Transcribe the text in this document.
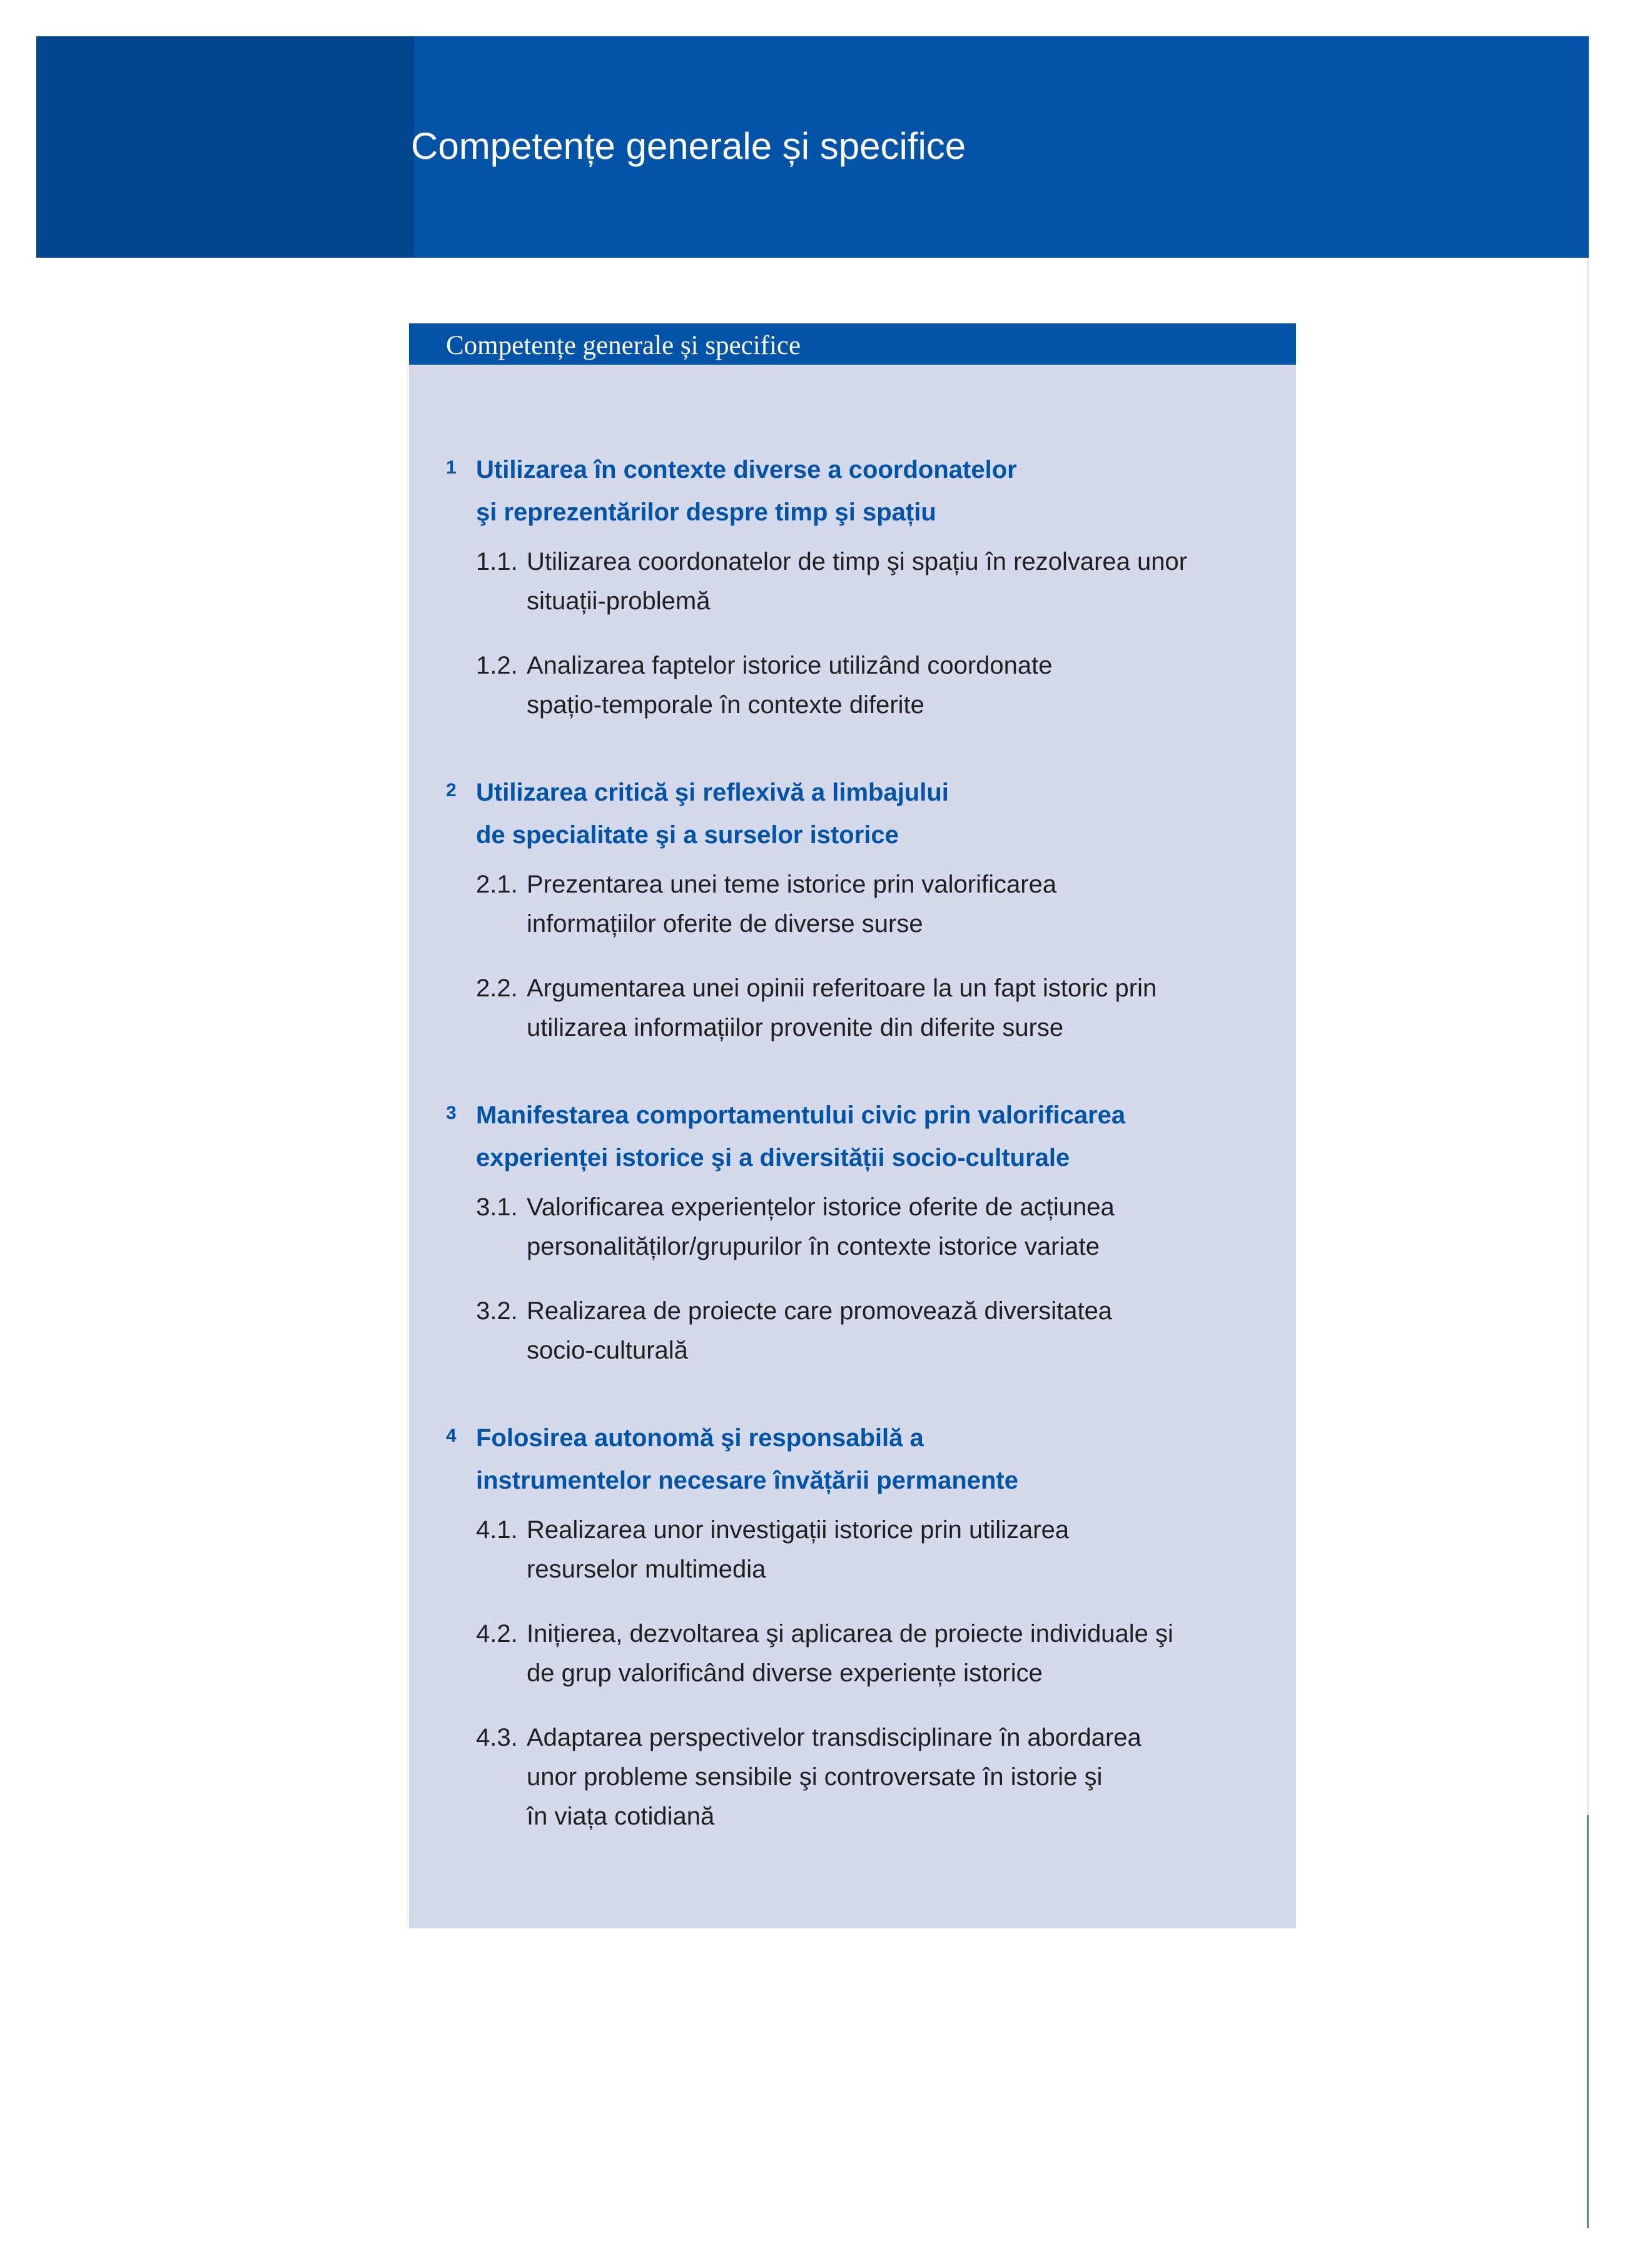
Competențe generale și specifice
Competențe generale și specifice
1 Utilizarea în contexte diverse a coordonatelor
şi reprezentărilor despre timp şi spațiu
1.1. Utilizarea coordonatelor de timp şi spațiu în rezolvarea unor
situații-problemă
1.2. Analizarea faptelor istorice utilizând coordonate
spațio-temporale în contexte diferite
2 Utilizarea critică şi reflexivă a limbajului
de specialitate şi a surselor istorice
2.1. Prezentarea unei teme istorice prin valorificarea
informațiilor oferite de diverse surse
2.2. Argumentarea unei opinii referitoare la un fapt istoric prin
utilizarea informațiilor provenite din diferite surse
3 Manifestarea comportamentului civic prin valorificarea
experienței istorice şi a diversității socio-culturale
3.1. Valorificarea experiențelor istorice oferite de acțiunea
personalităților/grupurilor în contexte istorice variate
3.2. Realizarea de proiecte care promovează diversitatea
socio-culturală
4 Folosirea autonomă şi responsabilă a
instrumentelor necesare învățării permanente
4.1. Realizarea unor investigații istorice prin utilizarea
resurselor multimedia
4.2. Inițierea, dezvoltarea şi aplicarea de proiecte individuale şi
de grup valorificând diverse experiențe istorice
4.3. Adaptarea perspectivelor transdisciplinare în abordarea
unor probleme sensibile şi controversate în istorie şi
în viața cotidiană
